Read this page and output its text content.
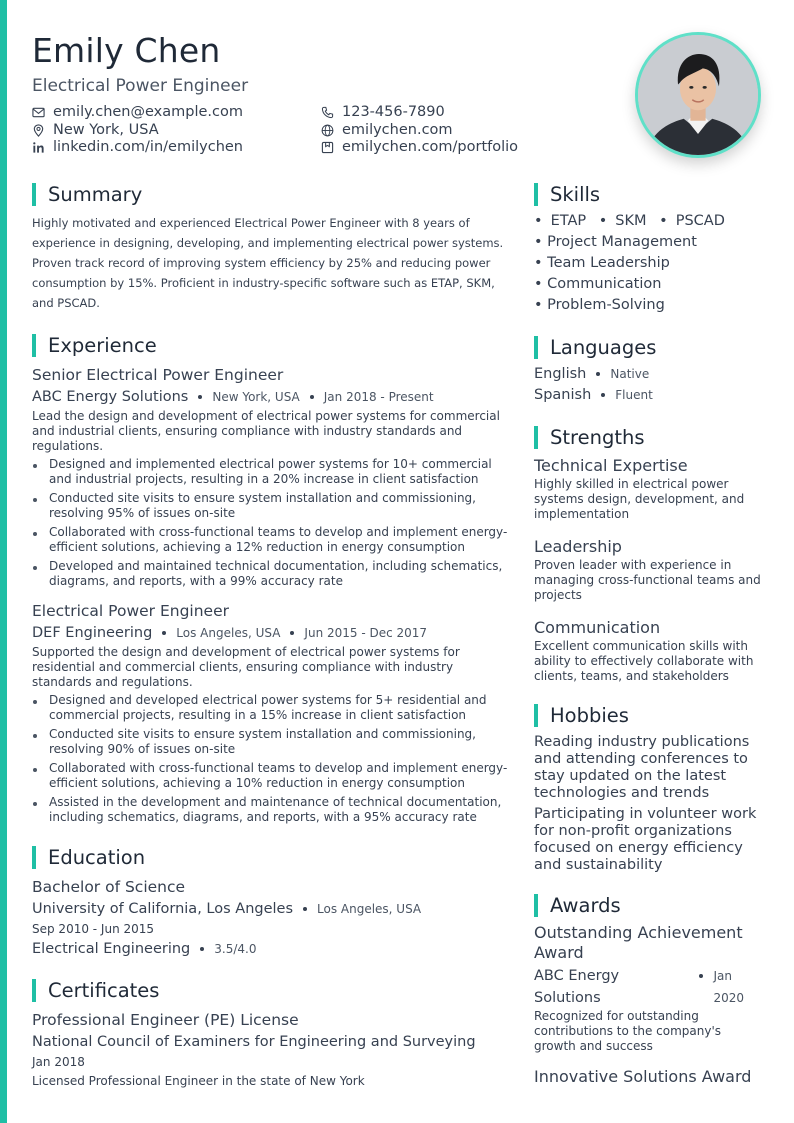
Emily Chen
Electrical Power Engineer
emily.chen@example.com	123-456-7890
New York, USA	emilychen.com
linkedin.com/in/emilychen	emilychen.com/portfolio
Summary

Highly motivated and experienced Electrical Power Engineer with 8 years of experience in designing, developing, and implementing electrical power systems. Proven track record of improving system efficiency by 25% and reducing power consumption by 15%. Proficient in industry-specific software such as ETAP, SKM, and PSCAD.

Experience
Senior Electrical Power Engineer
ABC Energy Solutions New York, USA Jan 2018 - Present

Lead the design and development of electrical power systems for commercial and industrial clients, ensuring compliance with industry standards and regulations.

Designed and implemented electrical power systems for 10+ commercial and industrial projects, resulting in a 20% increase in client satisfaction
Conducted site visits to ensure system installation and commissioning, resolving 95% of issues on-site
Collaborated with cross-functional teams to develop and implement energy-efficient solutions, achieving a 12% reduction in energy consumption
Developed and maintained technical documentation, including schematics, diagrams, and reports, with a 99% accuracy rate
Electrical Power Engineer
DEF Engineering Los Angeles, USA Jun 2015 - Dec 2017

Supported the design and development of electrical power systems for residential and commercial clients, ensuring compliance with industry standards and regulations.

Designed and developed electrical power systems for 5+ residential and commercial projects, resulting in a 15% increase in client satisfaction
Conducted site visits to ensure system installation and commissioning, resolving 90% of issues on-site
Collaborated with cross-functional teams to develop and implement energy-efficient solutions, achieving a 10% reduction in energy consumption
Assisted in the development and maintenance of technical documentation, including schematics, diagrams, and reports, with a 95% accuracy rate
Education
Bachelor of Science
University of California, Los Angeles Los Angeles, USA
Sep 2010 - Jun 2015
Electrical Engineering 3.5/4.0
Certificates
Professional Engineer (PE) License
National Council of Examiners for Engineering and Surveying
Jan 2018
Licensed Professional Engineer in the state of New York
Skills
• ETAP • SKM • PSCAD
• Project Management
• Team Leadership
• Communication
• Problem-Solving
Languages
English Native
Spanish Fluent
Strengths
Technical Expertise
Highly skilled in electrical power systems design, development, and implementation
Leadership
Proven leader with experience in managing cross-functional teams and projects
Communication
Excellent communication skills with ability to effectively collaborate with clients, teams, and stakeholders
Hobbies
Reading industry publications and attending conferences to stay updated on the latest technologies and trends
Participating in volunteer work for non-profit organizations focused on energy efficiency and sustainability
Awards
Outstanding Achievement Award
ABC Energy Solutions
Jan 2020
Recognized for outstanding contributions to the company's growth and success
Innovative Solutions Award
